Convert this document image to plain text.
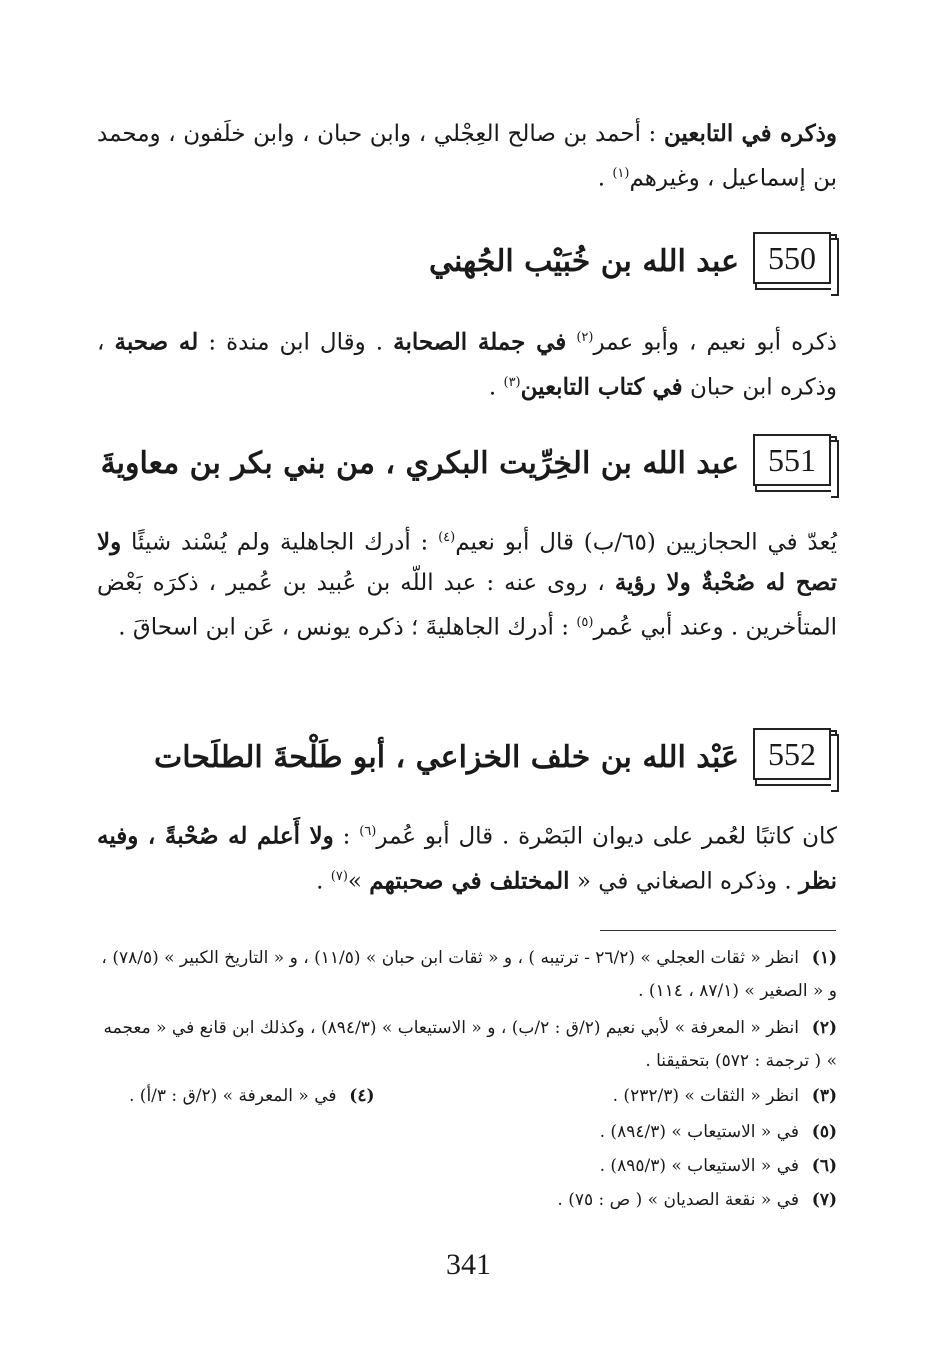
وذكره في التابعين : أحمد بن صالح العِجْلي ، وابن حبان ، وابن خلَفون ، ومحمد بن إسماعيل ، وغيرهم$^{(١)}$ .
550
عبد الله بن خُبَيْب الجُهني
ذكره أبو نعيم ، وأبو عمر$^{(٢)}$ في جملة الصحابة . وقال ابن مندة : له صحبة ، وذكره ابن حبان في كتاب التابعين$^{(٣)}$ .
551
عبد الله بن الخِرِّيت البكري ، من بني بكر بن معاويةَ
يُعدّ في الحجازيين (٦٥/ب) قال أبو نعيم$^{(٤)}$ : أدرك الجاهلية ولم يُسْند شيئًا ولا تصح له صُحْبةٌ ولا رؤية ، روى عنه : عبد اللّه بن عُبيد بن عُمير ، ذكرَه بَعْض المتأخرين . وعند أبي عُمر$^{(٥)}$ : أدرك الجاهليةَ ؛ ذكره يونس ، عَن ابن اسحاقَ .
552
عَبْد الله بن خلف الخزاعي ، أبو طَلْحةَ الطلَحات
كان كاتبًا لعُمر على ديوان البَصْرة . قال أبو عُمر$^{(٦)}$ : ولا أَعلم له صُحْبةً ، وفيه نظر . وذكره الصغاني في « المختلف في صحبتهم »$^{(٧)}$ .
(١)انظر « ثقات العجلي » (٢٦/٢ - ترتيبه ) ، و « ثقات ابن حبان » (١١/٥) ، و « التاريخ الكبير » (٧٨/٥) ، و « الصغير » (٨٧/١ ، ١١٤) .
(٢)انظر « المعرفة » لأبي نعيم (٢/ق : ٢/ب) ، و « الاستيعاب » (٨٩٤/٣) ، وكذلك ابن قانع في « معجمه » ( ترجمة : ٥٧٢) بتحقيقنا .
(٣)انظر « الثقات » (٢٣٢/٣) .
(٤)في « المعرفة » (٢/ق : ٣/أ) .
(٥)في « الاستيعاب » (٨٩٤/٣) .
(٦)في « الاستيعاب » (٨٩٥/٣) .
(٧)في « نقعة الصديان » ( ص : ٧٥) .
341
